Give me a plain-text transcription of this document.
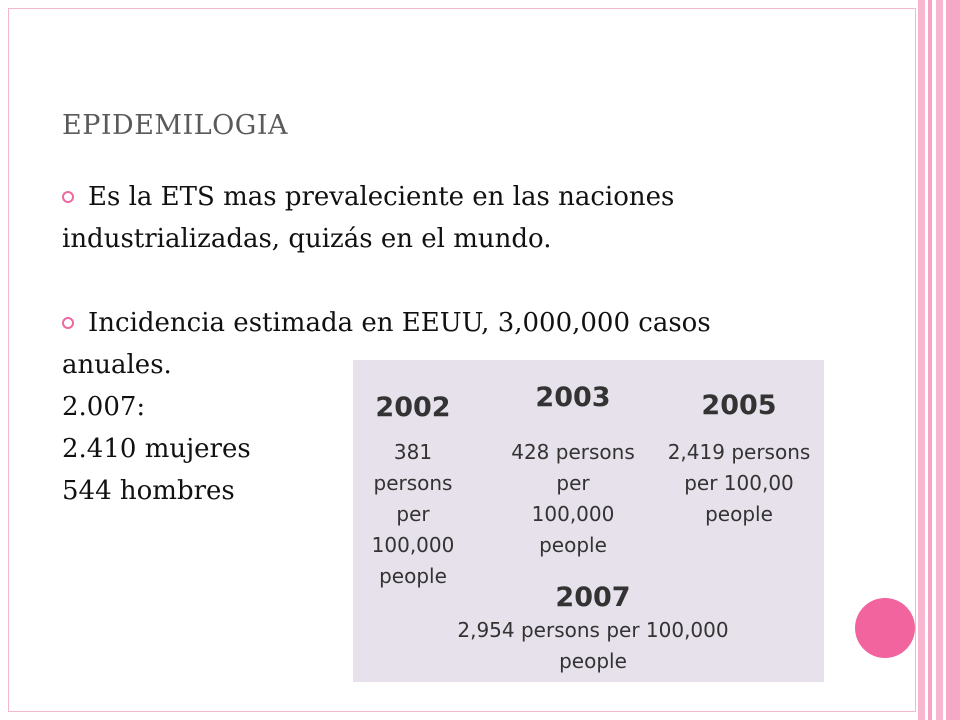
EPIDEMILOGIA
Es la ETS mas prevaleciente en las naciones
industrializadas, quizás en el mundo.
Incidencia estimada en EEUU, 3,000,000 casos
anuales.
2.007:
2.410 mujeres
544 hombres
2002
381 persons
per
100,000
people
2003
428 persons
per
100,000
people
2005
2,419 persons
per 100,00
people
2007
2,954 persons per 100,000
people
